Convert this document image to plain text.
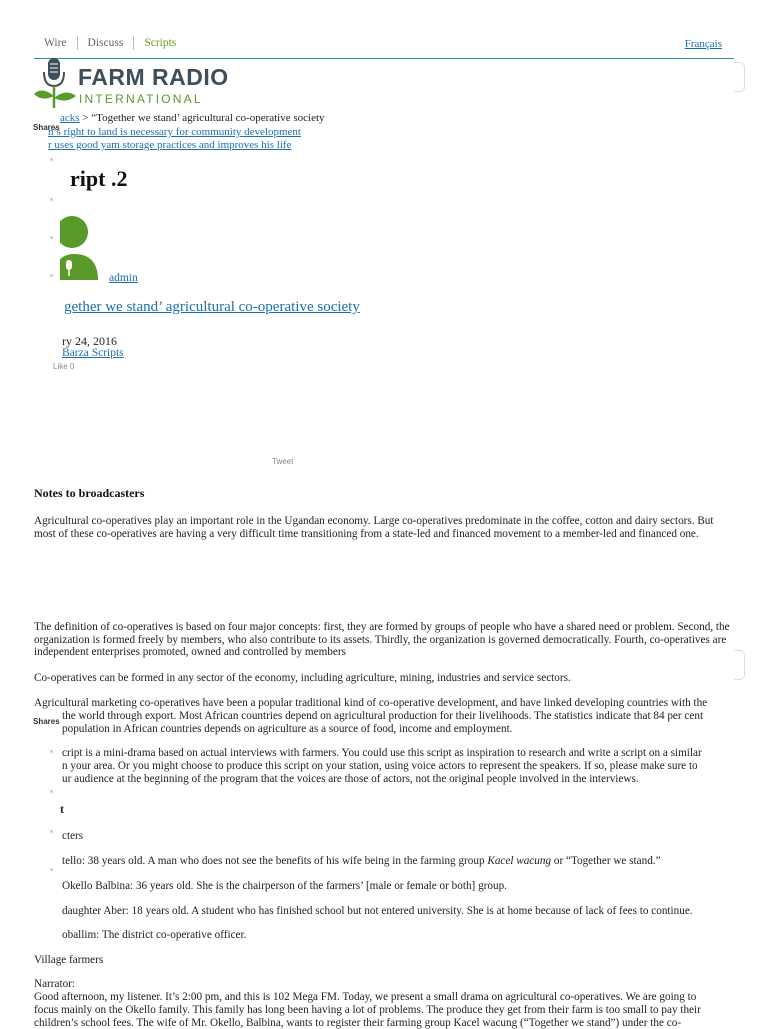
Wire	Discuss	Scripts	Français
FARM RADIO
INTERNATIONAL
Shares
acks > “Together we stand’ agricultural co-operative society
n’s right to land is necessary for community development
r uses good yam storage practices and improves his life
ript .2
admin
gether we stand’ agricultural co-operative society
ry 24, 2016
Barza Scripts
Like 0
Tweet
Notes to broadcasters
Agricultural co-operatives play an important role in the Ugandan economy. Large co-operatives predominate in the coffee, cotton and dairy sectors. But most of these co-operatives are having a very difficult time transitioning from a state-led and financed movement to a member-led and financed one.
The definition of co-operatives is based on four major concepts: first, they are formed by groups of people who have a shared need or problem. Second, the organization is formed freely by members, who also contribute to its assets. Thirdly, the organization is governed democratically. Fourth, co-operatives are independent enterprises promoted, owned and controlled by members
Co-operatives can be formed in any sector of the economy, including agriculture, mining, industries and service sectors.
Agricultural marketing co-operatives have been a popular traditional kind of co-operative development, and have linked developing countries with the
the world through export. Most African countries depend on agricultural production for their livelihoods. The statistics indicate that 84 per cent
population in African countries depends on agriculture as a source of food, income and employment.
Shares
cript is a mini-drama based on actual interviews with farmers. You could use this script as inspiration to research and write a script on a similar
n your area. Or you might choose to produce this script on your station, using voice actors to represent the speakers. If so, please make sure to
ur audience at the beginning of the program that the voices are those of actors, not the original people involved in the interviews.
t
cters
tello: 38 years old. A man who does not see the benefits of his wife being in the farming group Kacel wacung or “Together we stand.”
Okello Balbina: 36 years old. She is the chairperson of the farmers’ [male or female or both] group.
daughter Aber: 18 years old. A student who has finished school but not entered university. She is at home because of lack of fees to continue.
oballim: The district co-operative officer.
Village farmers
Narrator:
Good afternoon, my listener. It’s 2:00 pm, and this is 102 Mega FM. Today, we present a small drama on agricultural co-operatives. We are going to
focus mainly on the Okello family. This family has long been having a lot of problems. The produce they get from their farm is too small to pay their
children’s school fees. The wife of Mr. Okello, Balbina, wants to register their farming group Kacel wacung (“Together we stand”) under the co-
